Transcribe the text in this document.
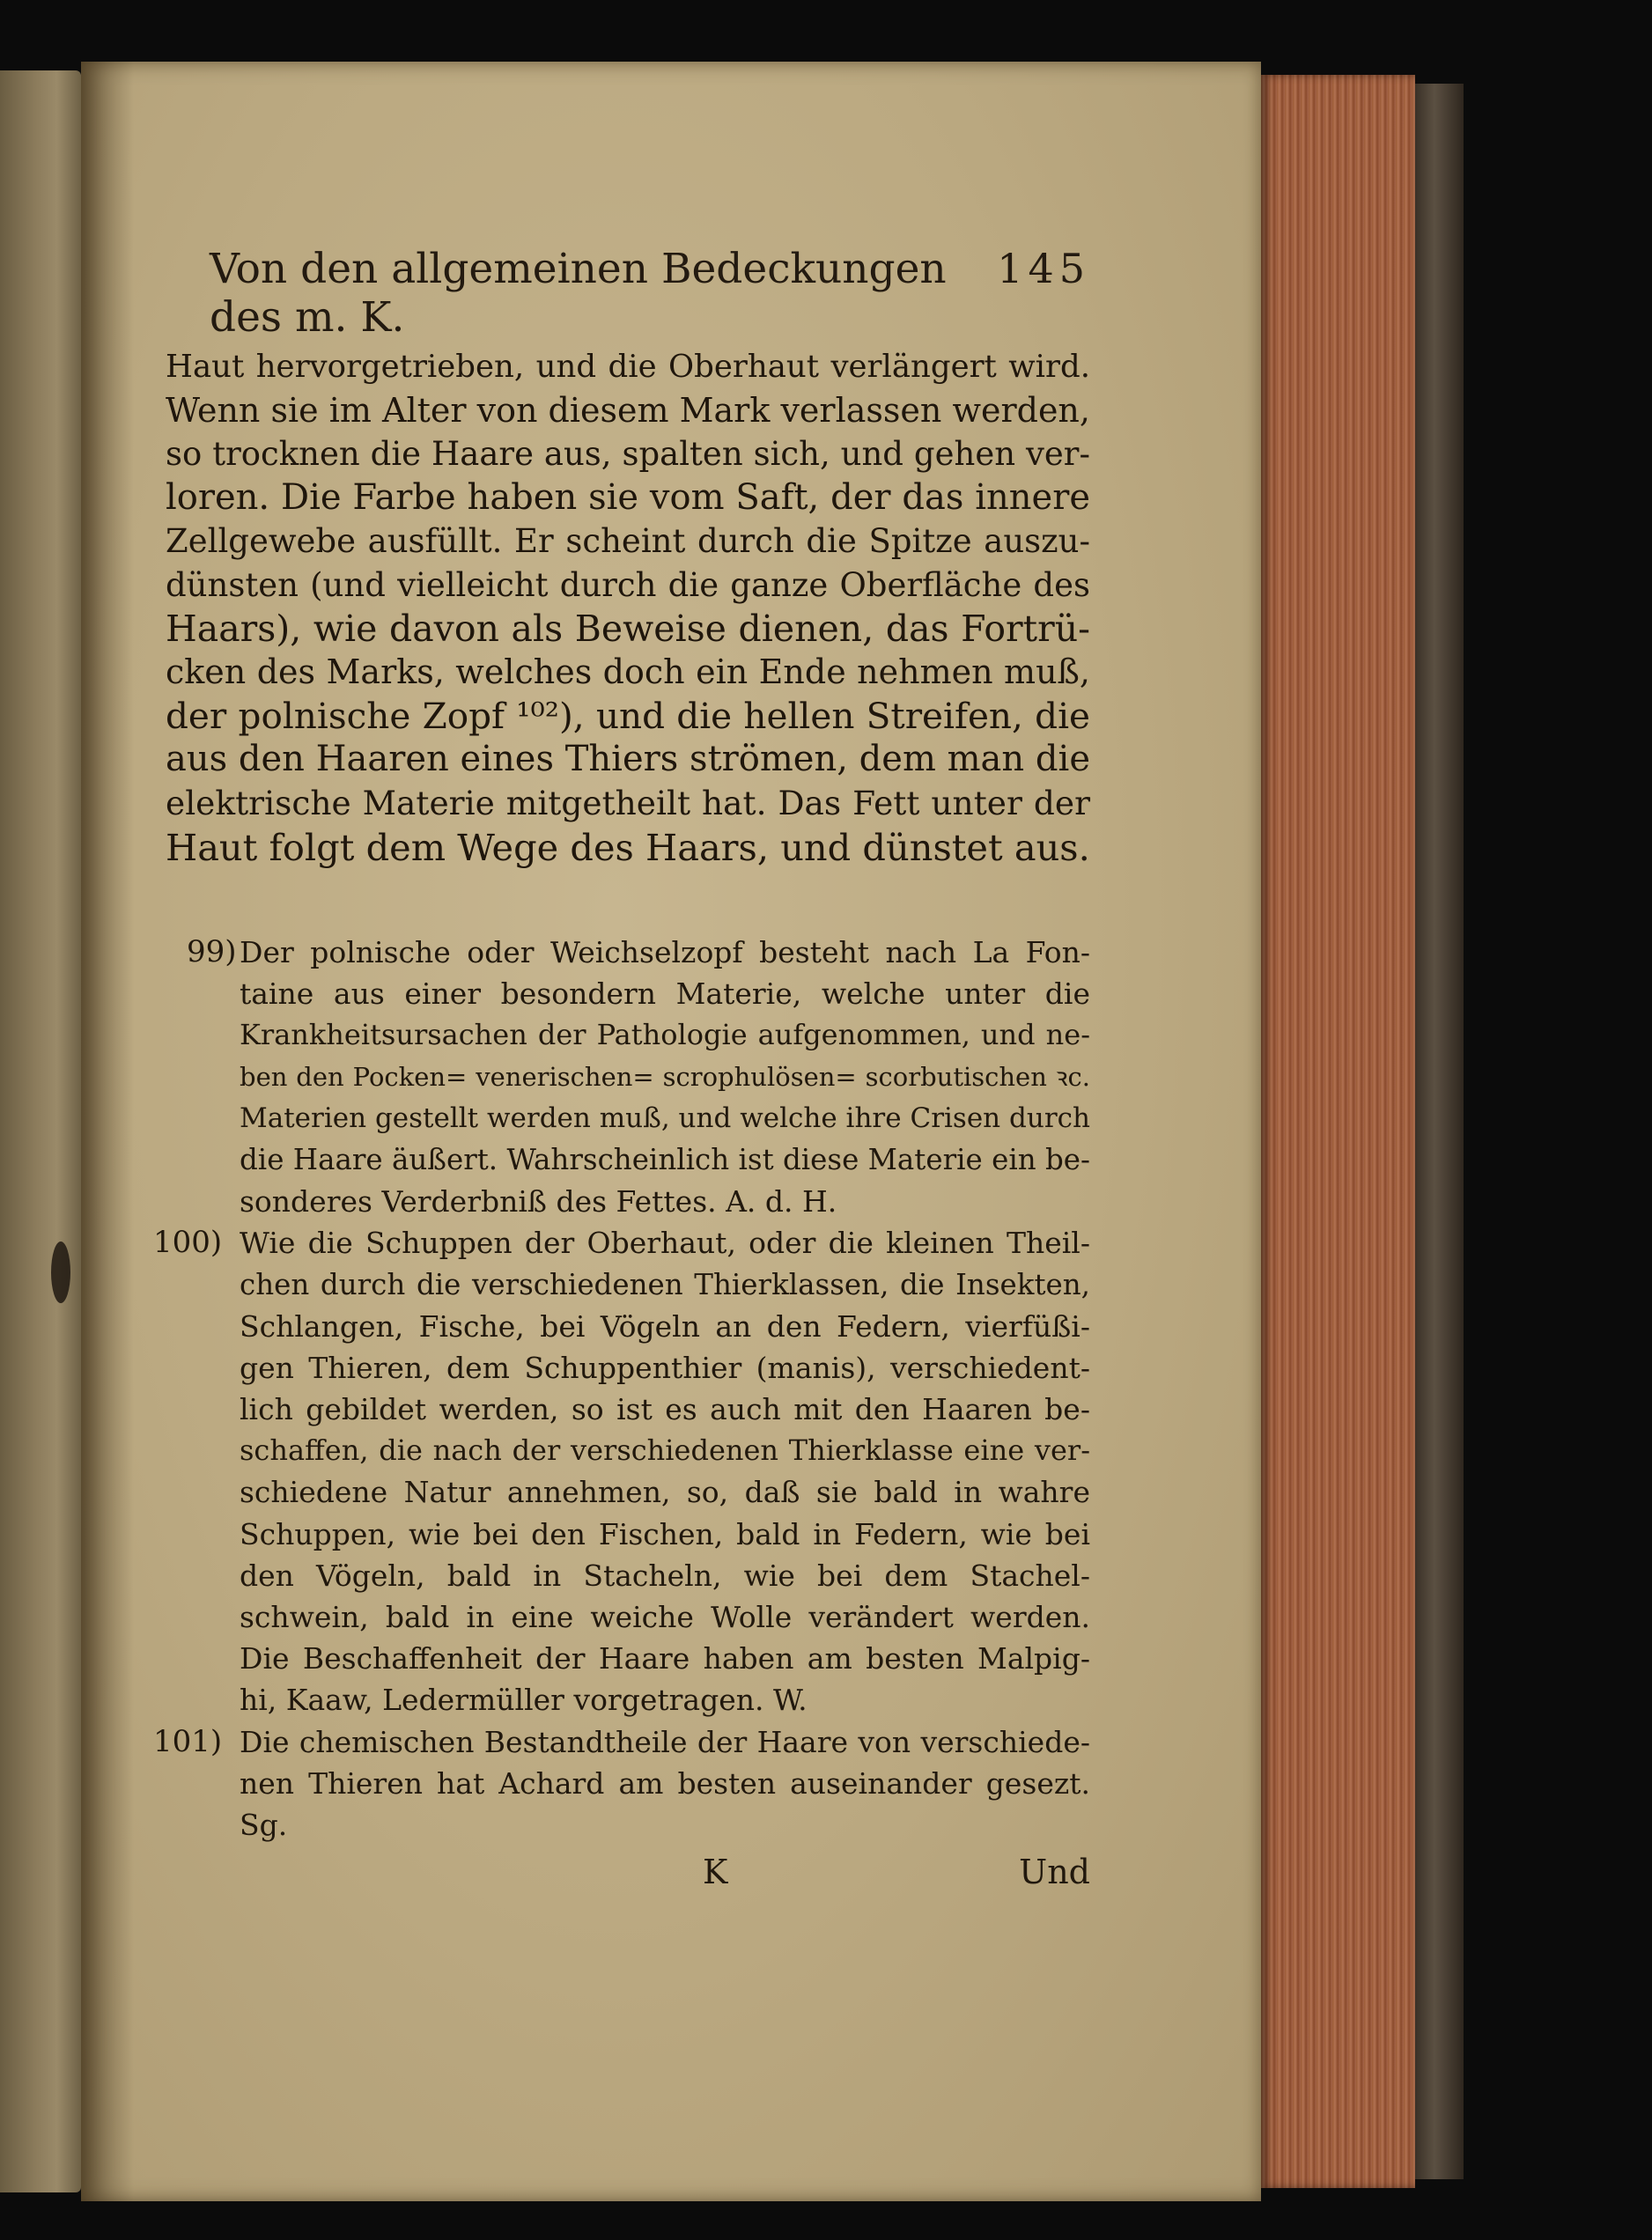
Von den allgemeinen Bedeckungen des m. K.
145
Haut hervorgetrieben, und die Oberhaut verlängert wird.
Wenn sie im Alter von diesem Mark verlassen werden,
so trocknen die Haare aus, spalten sich, und gehen ver-
loren. Die Farbe haben sie vom Saft, der das innere
Zellgewebe ausfüllt. Er scheint durch die Spitze auszu-
dünsten (und vielleicht durch die ganze Oberfläche des
Haars), wie davon als Beweise dienen, das Fortrü-
cken des Marks, welches doch ein Ende nehmen muß,
der polnische Zopf ¹⁰²), und die hellen Streifen, die
aus den Haaren eines Thiers strömen, dem man die
elektrische Materie mitgetheilt hat. Das Fett unter der
Haut folgt dem Wege des Haars, und dünstet aus.
99) Der polnische oder Weichselzopf besteht nach La Fon-
taine aus einer besondern Materie, welche unter die
Krankheitsursachen der Pathologie aufgenommen, und ne-
ben den Pocken= venerischen= scrophulösen= scorbutischen ꝛc.
Materien gestellt werden muß, und welche ihre Crisen durch
die Haare äußert. Wahrscheinlich ist diese Materie ein be-
sonderes Verderbniß des Fettes. A. d. H.
100) Wie die Schuppen der Oberhaut, oder die kleinen Theil-
chen durch die verschiedenen Thierklassen, die Insekten,
Schlangen, Fische, bei Vögeln an den Federn, vierfüßi-
gen Thieren, dem Schuppenthier (manis), verschiedent-
lich gebildet werden, so ist es auch mit den Haaren be-
schaffen, die nach der verschiedenen Thierklasse eine ver-
schiedene Natur annehmen, so, daß sie bald in wahre
Schuppen, wie bei den Fischen, bald in Federn, wie bei
den Vögeln, bald in Stacheln, wie bei dem Stachel-
schwein, bald in eine weiche Wolle verändert werden.
Die Beschaffenheit der Haare haben am besten Malpig-
hi, Kaaw, Ledermüller vorgetragen. W.
101) Die chemischen Bestandtheile der Haare von verschiede-
nen Thieren hat Achard am besten auseinander gesezt.
Sg.
K	Und
